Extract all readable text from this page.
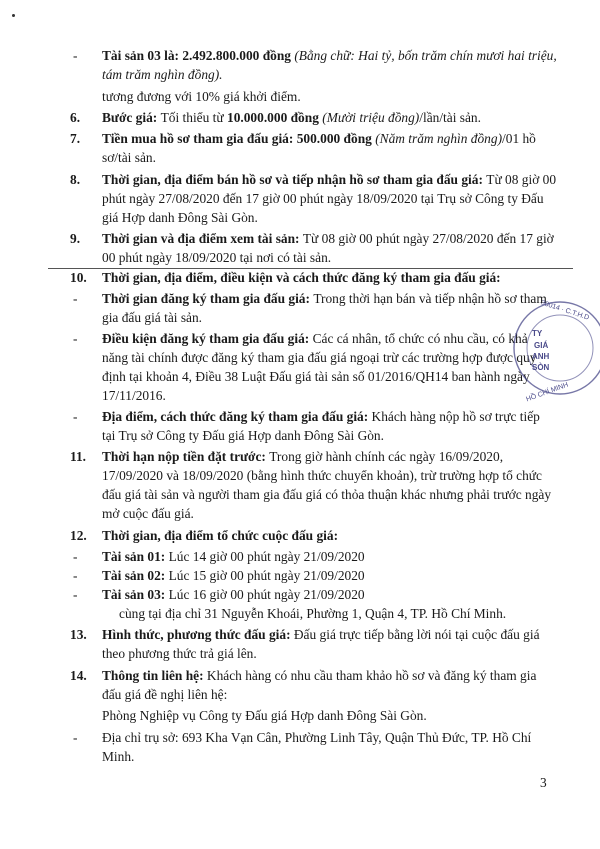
- Tài sản 03 là: 2.492.800.000 đồng (Bằng chữ: Hai tỷ, bốn trăm chín mươi hai triệu,
tám trăm nghìn đồng).
tương đương với 10% giá khởi điểm.
6. Bước giá: Tối thiểu từ 10.000.000 đồng (Mười triệu đồng)/lần/tài sản.
7. Tiền mua hồ sơ tham gia đấu giá: 500.000 đồng (Năm trăm nghìn đồng)/01 hồ
sơ/tài sản.
8. Thời gian, địa điểm bán hồ sơ và tiếp nhận hồ sơ tham gia đấu giá: Từ 08 giờ 00
phút ngày 27/08/2020 đến 17 giờ 00 phút ngày 18/09/2020 tại Trụ sở Công ty Đấu
giá Hợp danh Đông Sài Gòn.
9. Thời gian và địa điểm xem tài sản: Từ 08 giờ 00 phút ngày 27/08/2020 đến 17 giờ
00 phút ngày 18/09/2020 tại nơi có tài sản.
10. Thời gian, địa điểm, điều kiện và cách thức đăng ký tham gia đấu giá:
- Thời gian đăng ký tham gia đấu giá: Trong thời hạn bán và tiếp nhận hồ sơ tham
gia đấu giá tài sản.
- Điều kiện đăng ký tham gia đấu giá: Các cá nhân, tổ chức có nhu cầu, có khả
năng tài chính được đăng ký tham gia đấu giá ngoại trừ các trường hợp được quy
định tại khoản 4, Điều 38 Luật Đấu giá tài sản số 01/2016/QH14 ban hành ngày
17/11/2016.
- Địa điểm, cách thức đăng ký tham gia đấu giá: Khách hàng nộp hồ sơ trực tiếp
tại Trụ sở Công ty Đấu giá Hợp danh Đông Sài Gòn.
11. Thời hạn nộp tiền đặt trước: Trong giờ hành chính các ngày 16/09/2020,
17/09/2020 và 18/09/2020 (bằng hình thức chuyển khoản), trừ trường hợp tổ chức
đấu giá tài sản và người tham gia đấu giá có thỏa thuận khác nhưng phải trước ngày
mở cuộc đấu giá.
12. Thời gian, địa điểm tổ chức cuộc đấu giá:
- Tài sản 01: Lúc 14 giờ 00 phút ngày 21/09/2020
- Tài sản 02: Lúc 15 giờ 00 phút ngày 21/09/2020
- Tài sản 03: Lúc 16 giờ 00 phút ngày 21/09/2020
cùng tại địa chỉ 31 Nguyễn Khoái, Phường 1, Quận 4, TP. Hồ Chí Minh.
13. Hình thức, phương thức đấu giá: Đấu giá trực tiếp bằng lời nói tại cuộc đấu giá
theo phương thức trả giá lên.
14. Thông tin liên hệ: Khách hàng có nhu cầu tham khảo hồ sơ và đăng ký tham gia
đấu giá đề nghị liên hệ:
Phòng Nghiệp vụ Công ty Đấu giá Hợp danh Đông Sài Gòn.
- Địa chỉ trụ sở: 693 Kha Vạn Cân, Phường Linh Tây, Quận Thủ Đức, TP. Hồ Chí
Minh.
30014 · C.T.H.D
TY
GIÁ
ANH
SÒN
HỒ CHÍ MINH
3
